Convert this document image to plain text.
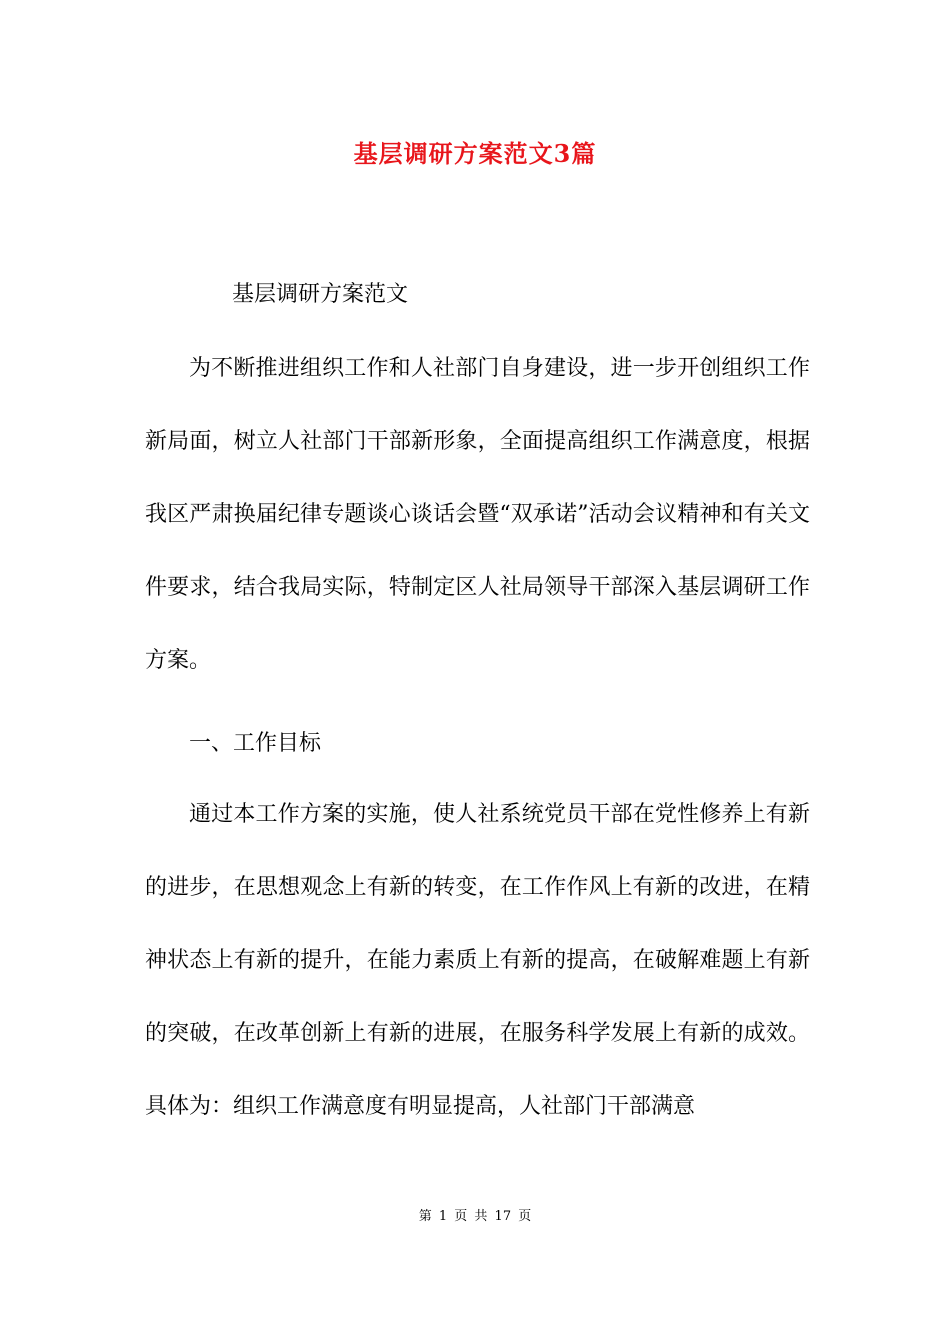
基层调研方案范文3篇
基层调研方案范文

为不断推进组织工作和人社部门自身建设，进一步开创组织工作新局面，树立人社部门干部新形象，全面提高组织工作满意度，根据我区严肃换届纪律专题谈心谈话会暨“双承诺”活动会议精神和有关文件要求，结合我局实际，特制定区人社局领导干部深入基层调研工作方案。

一、工作目标

通过本工作方案的实施，使人社系统党员干部在党性修养上有新的进步，在思想观念上有新的转变，在工作作风上有新的改进，在精神状态上有新的提升，在能力素质上有新的提高，在破解难题上有新的突破，在改革创新上有新的进展，在服务科学发展上有新的成效。具体为：组织工作满意度有明显提高，人社部门干部满意

第 1 页 共 17 页
